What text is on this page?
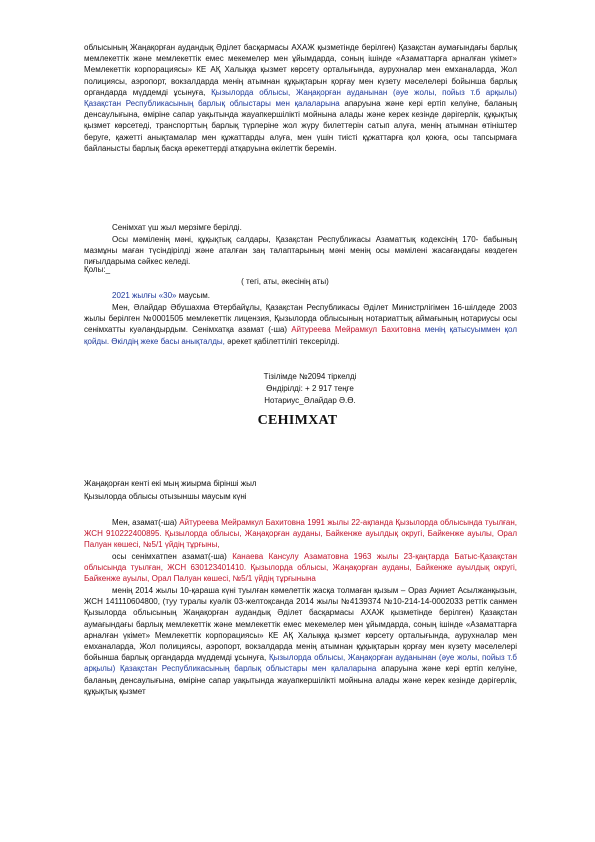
облысының Жаңақорған аудандық Әділет басқармасы АХАЖ қызметінде берілген) Қазақстан аумағындағы барлық мемлекеттік және мемлекеттік емес мекемелер мен ұйымдарда, соның ішінде «Азаматтарға арналған үкімет» Мемлекеттік корпорациясы» КЕ АҚ Халыққа қызмет көрсету орталығында, аурухналар мен емханаларда, Жол полициясы, аэропорт, вокзалдарда менің атымнан құқықтарын қорғау мен күзету мәселелері бойынша барлық органдарда мүддемді ұсынуға, Қызылорда облысы, Жаңақорған ауданынан (әуе жолы, пойыз т.б арқылы) Қазақстан Республикасының барлық облыстары мен қалаларына апаруына және кері ертіп келуіне, баланың денсаулығына, өміріне сапар уақытында жауапкершілікті мойнына алады және керек кезінде дәрігерлік, құқықтық қызмет көрсетеді, транспорттың барлық түрлеріне жол жүру билеттерін сатып алуға, менің атымнан өтініштер беруге, қажетті анықтамалар мен құжаттарды алуға, мен үшін тиісті құжаттарға қол қоюға, осы тапсырмаға байланысты барлық басқа әрекеттерді атқаруына өкілеттік беремін.

Сенімхат үш жыл мерзімге берілді.

Осы мәміленің мәні, құқықтық салдары, Қазақстан Республикасы Азаматтық кодексінің 170- бабының мазмұны маған түсіндірілді және аталған заң талаптарының мәні менің осы мәмілені жасағандағы көздеген пиғылдарыма сәйкес келеді.

Қолы:_

( тегі, аты, әкесінің аты)

2021 жылғы «30» маусым.

Мен, Әлайдар Әбушахма Өтербайұлы, Қазақстан Республикасы Әділет Министрлігімен 16-шілдеде 2003 жылы берілген №0001505 мемлекеттік лицензия, Қызылорда облысының нотариаттық аймағының нотариусы осы сенімхатты куәландырдым. Сенімхатқа азамат (-ша) Айтуреева Мейрамкул Бахитовна менің қатысуыммен қол қойды. Өкілдің жеке басы анықталды, әрекет қабілеттілігі тексерілді.

Тізілімде №2094 тіркелді

Өндірілді: + 2 917 теңге

Нотариус_Әлайдар Ә.Ө.

СЕНІМХАТ

Жаңақорған кенті екі мың жиырма бірінші жыл

Қызылорда облысы отызыншы маусым күні

Мен, азамат(-ша) Айтуреева Мейрамкул Бахитовна 1991 жылы 22-ақпанда Қызылорда облысында туылған, ЖСН 910222400895. Қызылорда облысы, Жаңақорған ауданы, Байкенже ауылдық округі, Байкенже ауылы, Орал Палуан көшесі, №5/1 үйдің тұрғыны,

осы сенімхатпен азамат(-ша) Канаева Кансулу Азаматовна 1963 жылы 23-қаңтарда Батыс-Қазақстан облысында туылған, ЖСН 630123401410. Қызылорда облысы, Жаңақорған ауданы, Байкенже ауылдық округі, Байкенже ауылы, Орал Палуан көшесі, №5/1 үйдің тұрғынына

менің 2014 жылы 10-қараша күні туылған кәмелеттік жасқа толмаған қызым – Ораз Ақниет Асылжанқызын, ЖСН 141110604800, (туу туралы куәлік 03-желтоқсанда 2014 жылы №4139374 №10-214-14-0002033 реттік санмен Қызылорда облысының Жаңақорған аудандық Әділет басқармасы АХАЖ қызметінде берілген) Қазақстан аумағындағы барлық мемлекеттік және мемлекеттік емес мекемелер мен ұйымдарда, соның ішінде «Азаматтарға арналған үкімет» Мемлекеттік корпорациясы» КЕ АҚ Халыққа қызмет көрсету орталығында, аурухналар мен емханаларда, Жол полициясы, аэропорт, вокзалдарда менің атымнан құқықтарын қорғау мен күзету мәселелері бойынша барлық органдарда мүддемді ұсынуға, Қызылорда облысы, Жаңақорған ауданынан (әуе жолы, пойыз т.б арқылы) Қазақстан Республикасының барлық облыстары мен қалаларына апаруына және кері ертіп келуіне, баланың денсаулығына, өміріне сапар уақытында жауапкершілікті мойнына алады және керек кезінде дәрігерлік, құқықтық қызмет
